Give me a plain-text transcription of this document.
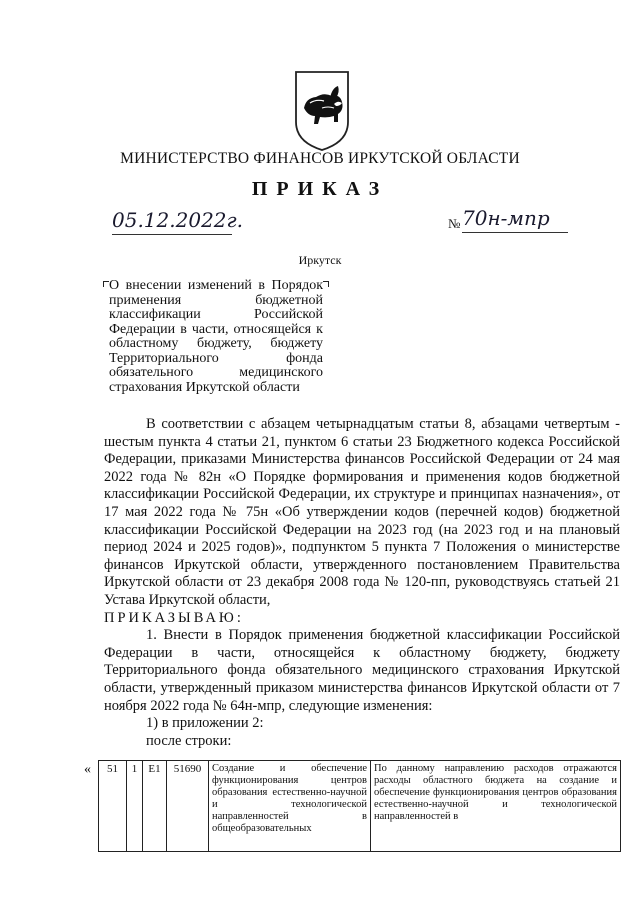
МИНИСТЕРСТВО ФИНАНСОВ ИРКУТСКОЙ ОБЛАСТИ
ПРИКАЗ
05.12.2022г.	№ 70н-мпр
Иркутск

О внесении изменений в Порядок применения бюджетной классификации Российской Федерации в части, относящейся к областному бюджету, бюджету Территориального фонда обязательного медицинского страхования Иркутской области

В соответствии с абзацем четырнадцатым статьи 8, абзацами четвертым - шестым пункта 4 статьи 21, пунктом 6 статьи 23 Бюджетного кодекса Российской Федерации, приказами Министерства финансов Российской Федерации от 24 мая 2022 года № 82н «О Порядке формирования и применения кодов бюджетной классификации Российской Федерации, их структуре и принципах назначения», от 17 мая 2022 года № 75н «Об утверждении кодов (перечней кодов) бюджетной классификации Российской Федерации на 2023 год (на 2023 год и на плановый период 2024 и 2025 годов)», подпунктом 5 пункта 7 Положения о министерстве финансов Иркутской области, утвержденного постановлением Правительства Иркутской области от 23 декабря 2008 года № 120-пп, руководствуясь статьей 21 Устава Иркутской области,

ПРИКАЗЫВАЮ:

1. Внести в Порядок применения бюджетной классификации Российской Федерации в части, относящейся к областному бюджету, бюджету Территориального фонда обязательного медицинского страхования Иркутской области, утвержденный приказом министерства финансов Иркутской области от 7 ноября 2022 года № 64н-мпр, следующие изменения:

1) в приложении 2:

после строки:

« 51	1	Е1	51690	Создание и обеспечение функционирования центров образования естественно-научной и технологической направленностей в общеобразовательных	По данному направлению расходов отражаются расходы областного бюджета на создание и обеспечение функционирования центров образования естественно-научной и технологической направленностей в
